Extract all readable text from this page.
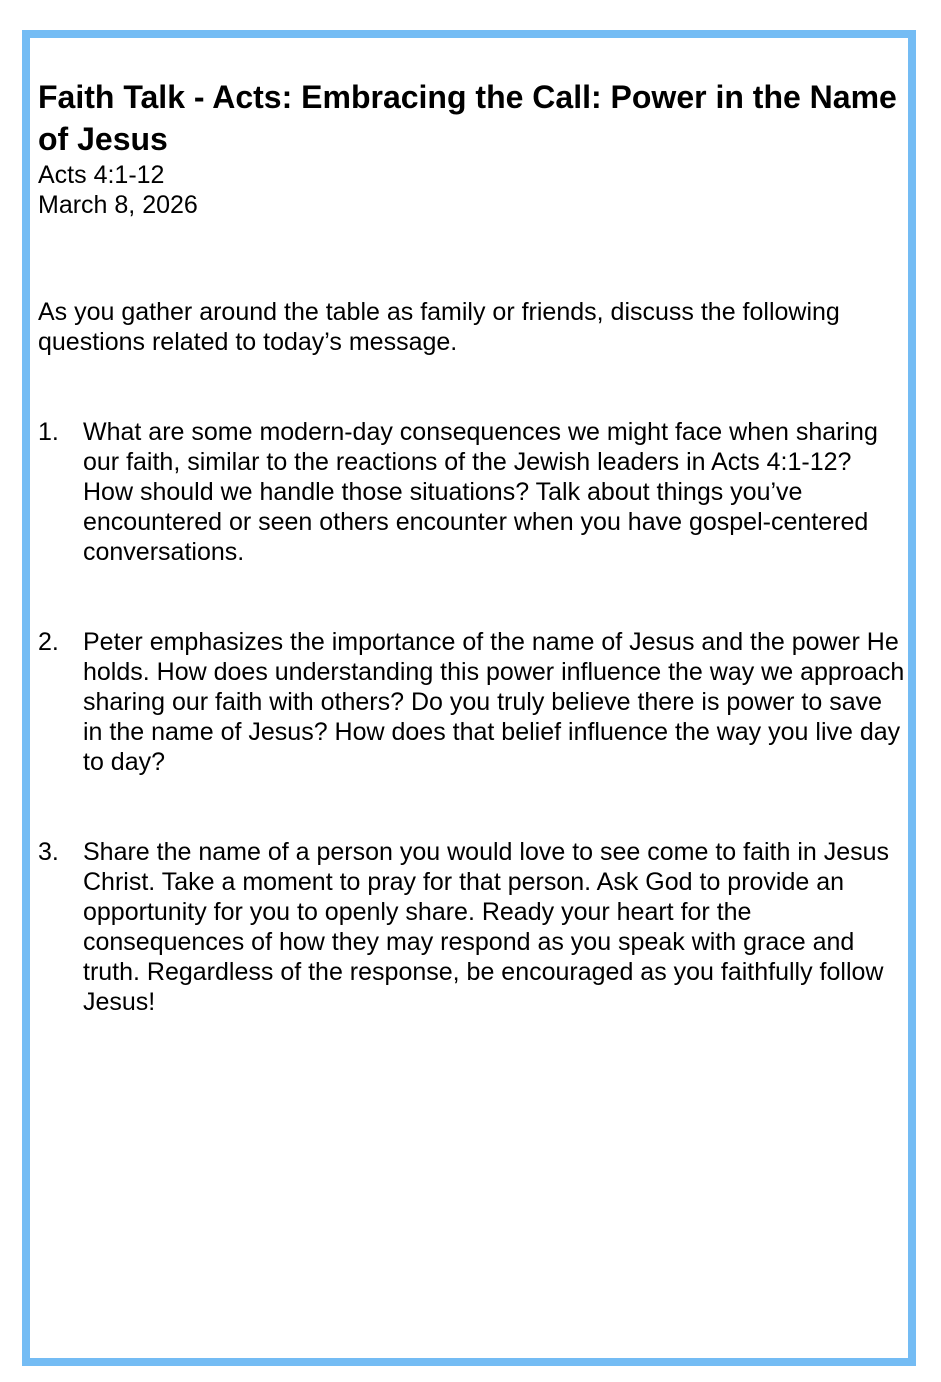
Faith Talk - Acts: Embracing the Call: Power in the Name of Jesus

Acts 4:1-12

March 8, 2026

As you gather around the table as family or friends, discuss the following questions related to today’s message.

1. What are some modern-day consequences we might face when sharing our faith, similar to the reactions of the Jewish leaders in Acts 4:1-12? How should we handle those situations? Talk about things you’ve encountered or seen others encounter when you have gospel-centered conversations.
2. Peter emphasizes the importance of the name of Jesus and the power He holds. How does understanding this power influence the way we approach sharing our faith with others? Do you truly believe there is power to save in the name of Jesus? How does that belief influence the way you live day to day?
3. Share the name of a person you would love to see come to faith in Jesus Christ. Take a moment to pray for that person. Ask God to provide an opportunity for you to openly share. Ready your heart for the consequences of how they may respond as you speak with grace and truth. Regardless of the response, be encouraged as you faithfully follow Jesus!
